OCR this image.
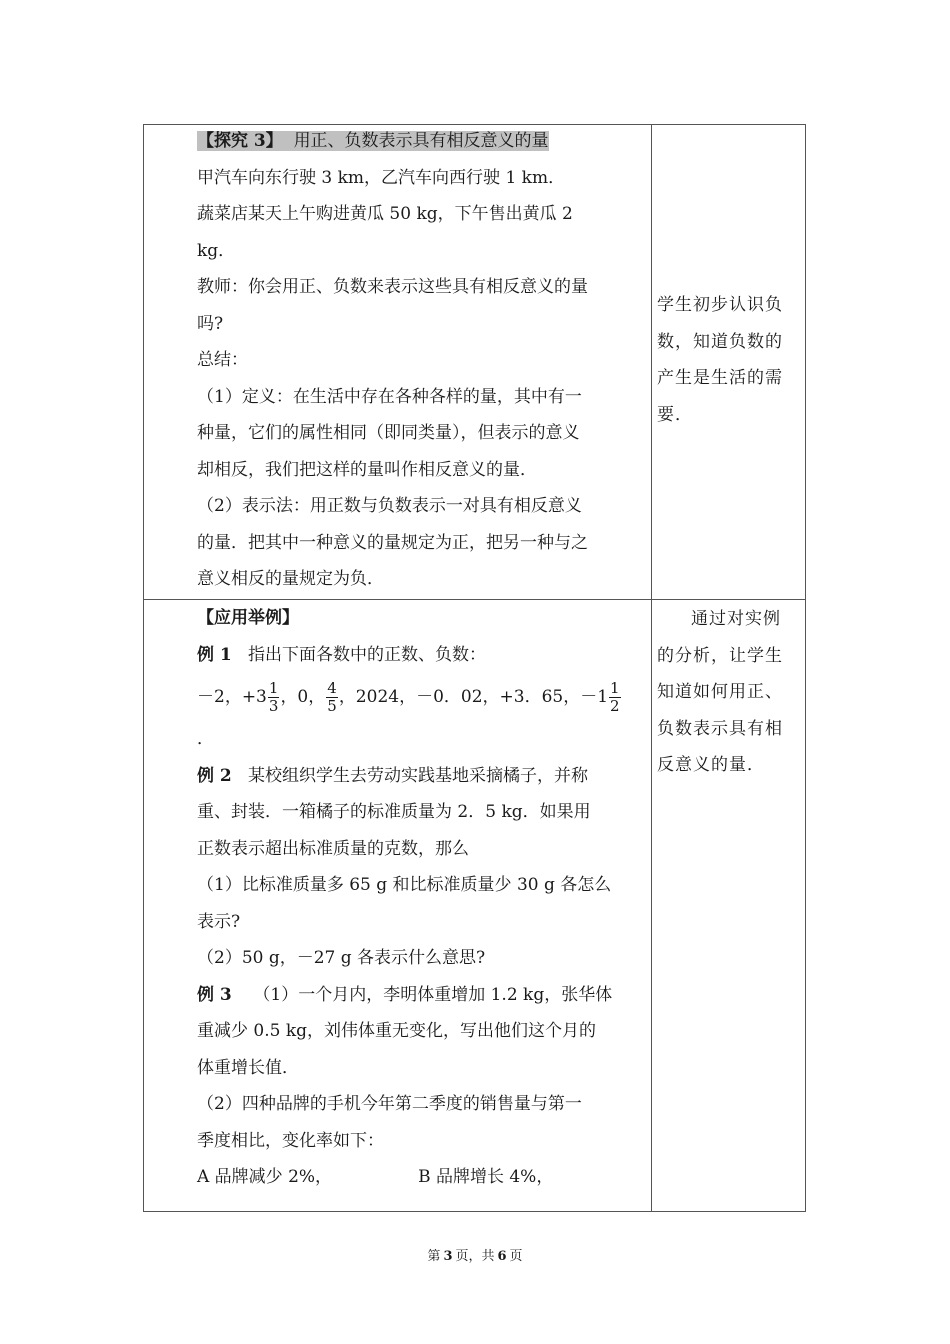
【探究 3】 用正、负数表示具有相反意义的量

甲汽车向东行驶 3 km，乙汽车向西行驶 1 km．

蔬菜店某天上午购进黄瓜 50 kg，下午售出黄瓜 2

kg．

教师：你会用正、负数来表示这些具有相反意义的量

吗?

总结：

（1）定义：在生活中存在各种各样的量，其中有一

种量，它们的属性相同（即同类量），但表示的意义

却相反，我们把这样的量叫作相反意义的量．

（2）表示法：用正数与负数表示一对具有相反意义

的量．把其中一种意义的量规定为正，把另一种与之

意义相反的量规定为负．

学生初步认识负

数，知道负数的

产生是生活的需

要．

【应用举例】

例 1 指出下面各数中的正数、负数：

－2，$+3 \frac{1}{3}$ ，0， $\frac{4}{5}$ ，2024，－0．02，+3．65，$-1 \frac{1}{2}$

．

例 2 某校组织学生去劳动实践基地采摘橘子，并称

重、封装．一箱橘子的标准质量为 2．5 kg．如果用

正数表示超出标准质量的克数，那么

（1）比标准质量多 65 g 和比标准质量少 30 g 各怎么

表示?

（2）50 g，－27 g 各表示什么意思?

例 3 （1）一个月内，李明体重增加 1.2 kg，张华体

重减少 0.5 kg，刘伟体重无变化，写出他们这个月的

体重增长值．

（2）四种品牌的手机今年第二季度的销售量与第一

季度相比，变化率如下：

A 品牌减少 2%，	B 品牌增长 4%，

通过对实例

的分析，让学生

知道如何用正、

负数表示具有相

反意义的量．

第 3 页，共 6 页
